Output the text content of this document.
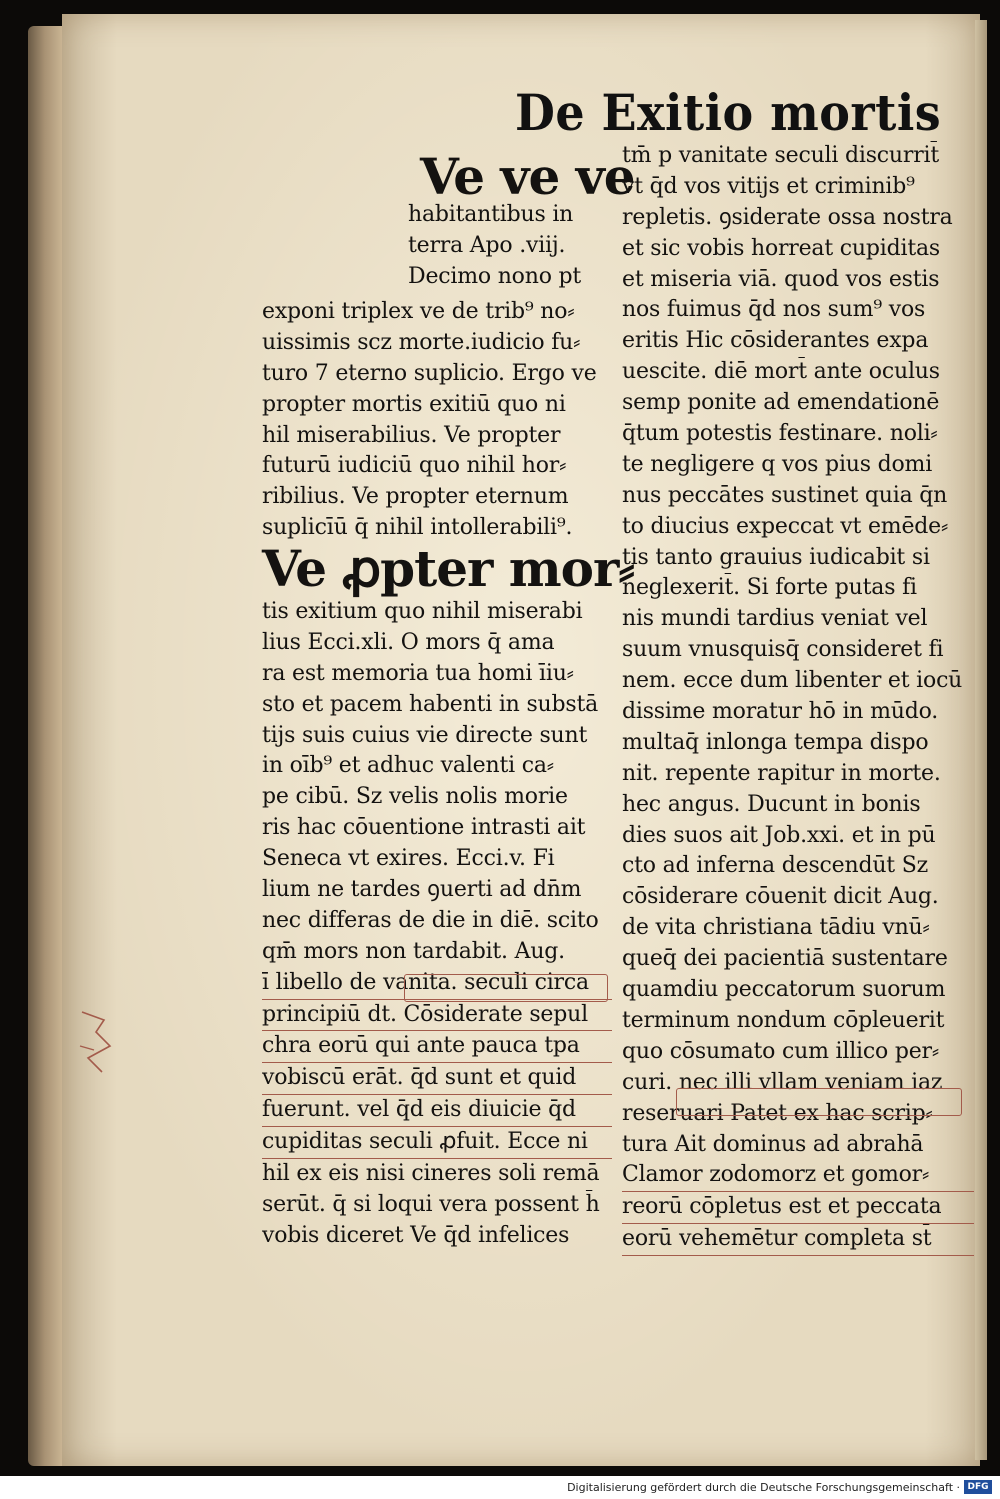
De Exitio mortis
Ve ve ve
habitantibus in
terra Apo .viij.
Decimo nono pt
exponi triplex ve de trib⁹ no⸗
uissimis scz morte.iudicio fu⸗
turo 7 eterno suplicio. Ergo ve
propter mortis exitiū quo ni
hil miserabilius. Ve propter
futurū iudiciū quo nihil hor⸗
ribilius. Ve propter eternum
suplicīū q̄ nihil intollerabili⁹.
Ve ꝓpter mor⸗
tis exitium quo nihil miserabi
lius Ecci.xli. O mors q̄ ama
ra est memoria tua homi īiu⸗
sto et pacem habenti in substā
tijs suis cuius vie directe sunt
in oīb⁹ et adhuc valenti ca⸗
pe cibū. Sz velis nolis morie
ris hac cōuentione intrasti ait
Seneca vt exires. Ecci.v. Fi
lium ne tardes ꝯuerti ad dn̄m
nec differas de die in diē. scito
qm̄ mors non tardabit. Aug.
ī libello de vanita. seculi circa
principiū dt. Cōsiderate sepul
chra eorū qui ante pauca tpa
vobiscū erāt. q̄d sunt et quid
fuerunt. vel q̄d eis diuicie q̄d
cupiditas seculi ꝓfuit. Ecce ni
hil ex eis nisi cineres soli remā
serūt. q̄ si loqui vera possent h̄
vobis diceret Ve q̄d infelices
tm̄ p vanitate seculi discurrit̄
vt q̄d vos vitijs et criminib⁹
repletis. ꝯsiderate ossa nostra
et sic vobis horreat cupiditas
et miseria viā. quod vos estis
nos fuimus q̄d nos sum⁹ vos
eritis Hic cōsiderantes expa
uescite. diē mort̄ ante oculus
semp ponite ad emendationē
q̄tum potestis festinare. noli⸗
te negligere q vos pius domi
nus peccātes sustinet quia q̄n
to diucius expeccat vt emēde⸗
tis tanto grauius iudicabit si
neglexerit̄. Si forte putas fi
nis mundi tardius veniat vel
suum vnusquisq̄ consideret fi
nem. ecce dum libenter et iocū
dissime moratur hō in mūdo.
multaq̄ inlonga tempa dispo
nit. repente rapitur in morte.
hec angus. Ducunt in bonis
dies suos ait Job.xxi. et in pū
cto ad inferna descendūt Sz
cōsiderare cōuenit dicit Aug.
de vita christiana tādiu vnū⸗
queq̄ dei pacientiā sustentare
quamdiu peccatorum suorum
terminum nondum cōpleuerit
quo cōsumato cum illico per⸗
curi. nec illi vllam veniam iaz
reseruari Patet ex hac scrip⸗
tura Ait dominus ad abrahā
Clamor zodomorz et gomor⸗
reorū cōpletus est et peccata
eorū vehemētur completa st̄
Digitalisierung gefördert durch die Deutsche Forschungsgemeinschaft · DFG
